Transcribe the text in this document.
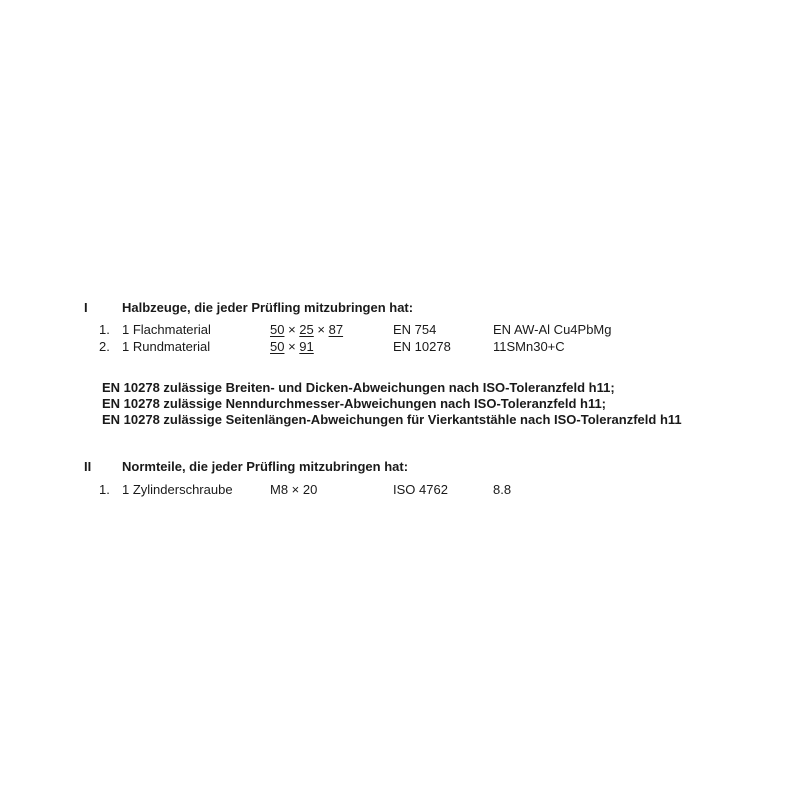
I	Halbzeuge, die jeder Prüfling mitzubringen hat:
1. 1 Flachmaterial	50 × 25 × 87	EN 754	EN AW-Al Cu4PbMg
2. 1 Rundmaterial	50 × 91	EN 10278	11SMn30+C
EN 10278 zulässige Breiten- und Dicken-Abweichungen nach ISO-Toleranzfeld h11;
EN 10278 zulässige Nenndurchmesser-Abweichungen nach ISO-Toleranzfeld h11;
EN 10278 zulässige Seitenlängen-Abweichungen für Vierkantstähle nach ISO-Toleranzfeld h11
II Normteile, die jeder Prüfling mitzubringen hat:
1. 1 Zylinderschraube	M8 × 20	ISO 4762	8.8
